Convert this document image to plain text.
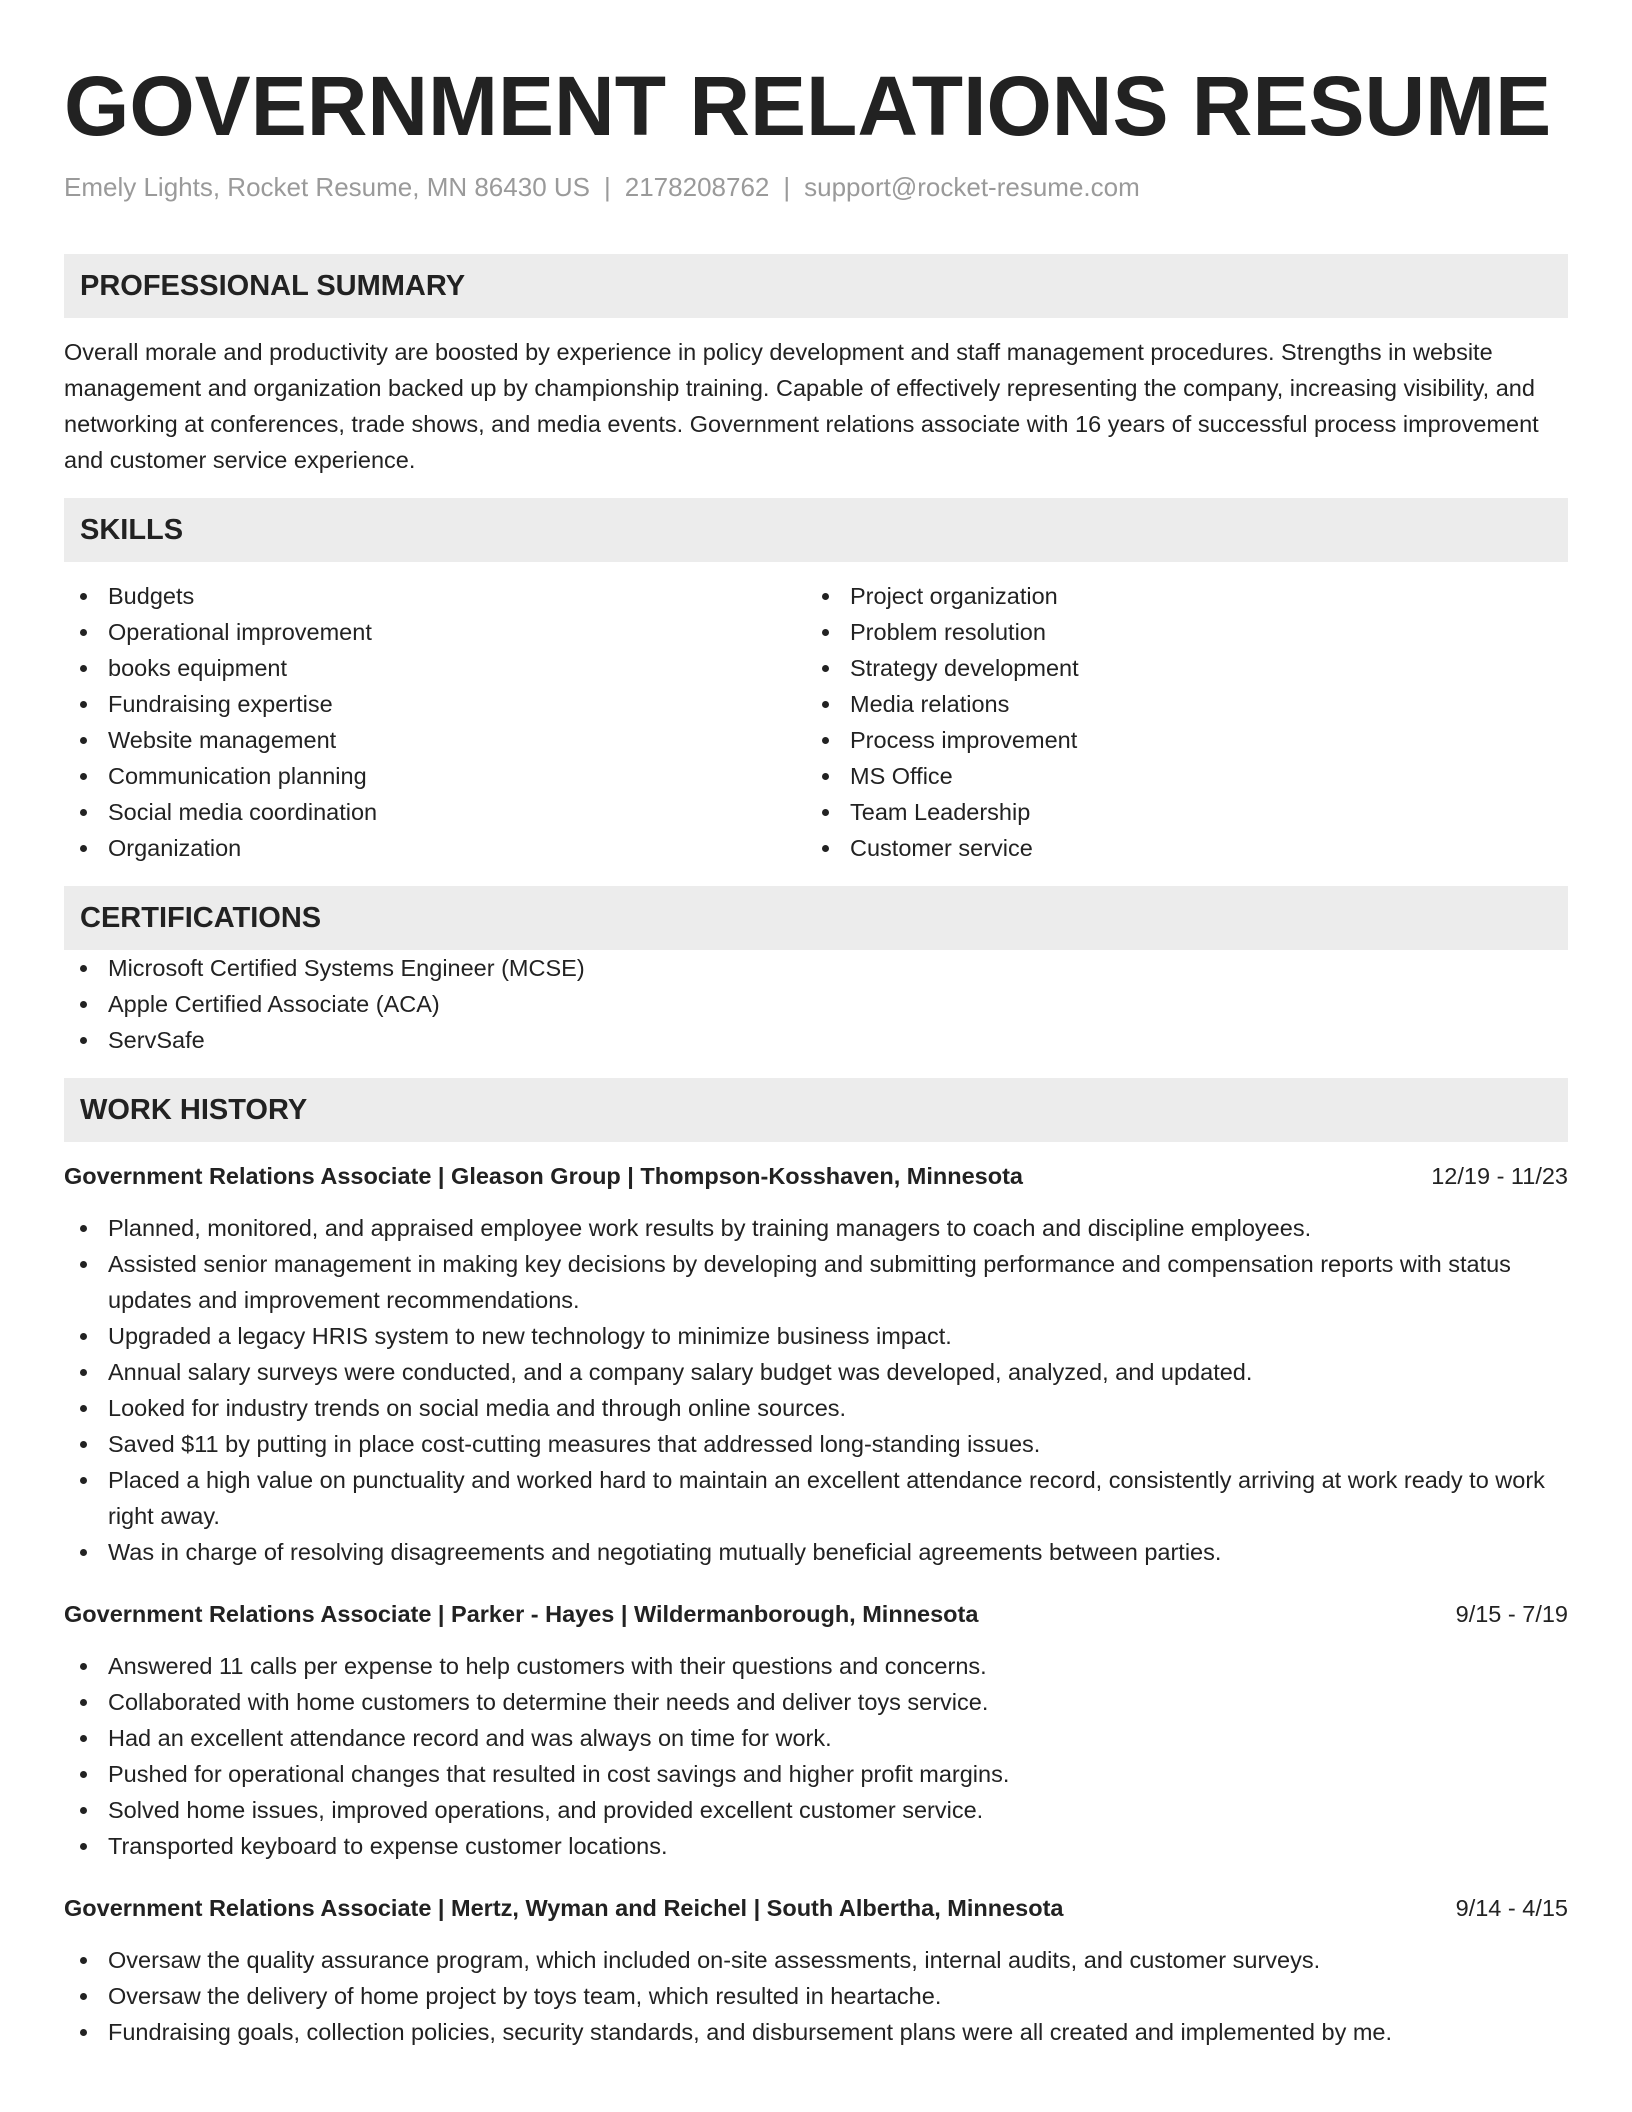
GOVERNMENT RELATIONS RESUME
Emely Lights, Rocket Resume, MN 86430 US | 2178208762 | support@rocket-resume.com
PROFESSIONAL SUMMARY

Overall morale and productivity are boosted by experience in policy development and staff management procedures. Strengths in website management and organization backed up by championship training. Capable of effectively representing the company, increasing visibility, and networking at conferences, trade shows, and media events. Government relations associate with 16 years of successful process improvement and customer service experience.

SKILLS
Budgets
Operational improvement
books equipment
Fundraising expertise
Website management
Communication planning
Social media coordination
Organization
Project organization
Problem resolution
Strategy development
Media relations
Process improvement
MS Office
Team Leadership
Customer service
CERTIFICATIONS
Microsoft Certified Systems Engineer (MCSE)
Apple Certified Associate (ACA)
ServSafe
WORK HISTORY
Government Relations Associate | Gleason Group | Thompson-Kosshaven, Minnesota	12/19 - 11/23
Planned, monitored, and appraised employee work results by training managers to coach and discipline employees.
Assisted senior management in making key decisions by developing and submitting performance and compensation reports with status updates and improvement recommendations.
Upgraded a legacy HRIS system to new technology to minimize business impact.
Annual salary surveys were conducted, and a company salary budget was developed, analyzed, and updated.
Looked for industry trends on social media and through online sources.
Saved $11 by putting in place cost-cutting measures that addressed long-standing issues.
Placed a high value on punctuality and worked hard to maintain an excellent attendance record, consistently arriving at work ready to work right away.
Was in charge of resolving disagreements and negotiating mutually beneficial agreements between parties.
Government Relations Associate | Parker - Hayes | Wildermanborough, Minnesota	9/15 - 7/19
Answered 11 calls per expense to help customers with their questions and concerns.
Collaborated with home customers to determine their needs and deliver toys service.
Had an excellent attendance record and was always on time for work.
Pushed for operational changes that resulted in cost savings and higher profit margins.
Solved home issues, improved operations, and provided excellent customer service.
Transported keyboard to expense customer locations.
Government Relations Associate | Mertz, Wyman and Reichel | South Albertha, Minnesota	9/14 - 4/15
Oversaw the quality assurance program, which included on-site assessments, internal audits, and customer surveys.
Oversaw the delivery of home project by toys team, which resulted in heartache.
Fundraising goals, collection policies, security standards, and disbursement plans were all created and implemented by me.
